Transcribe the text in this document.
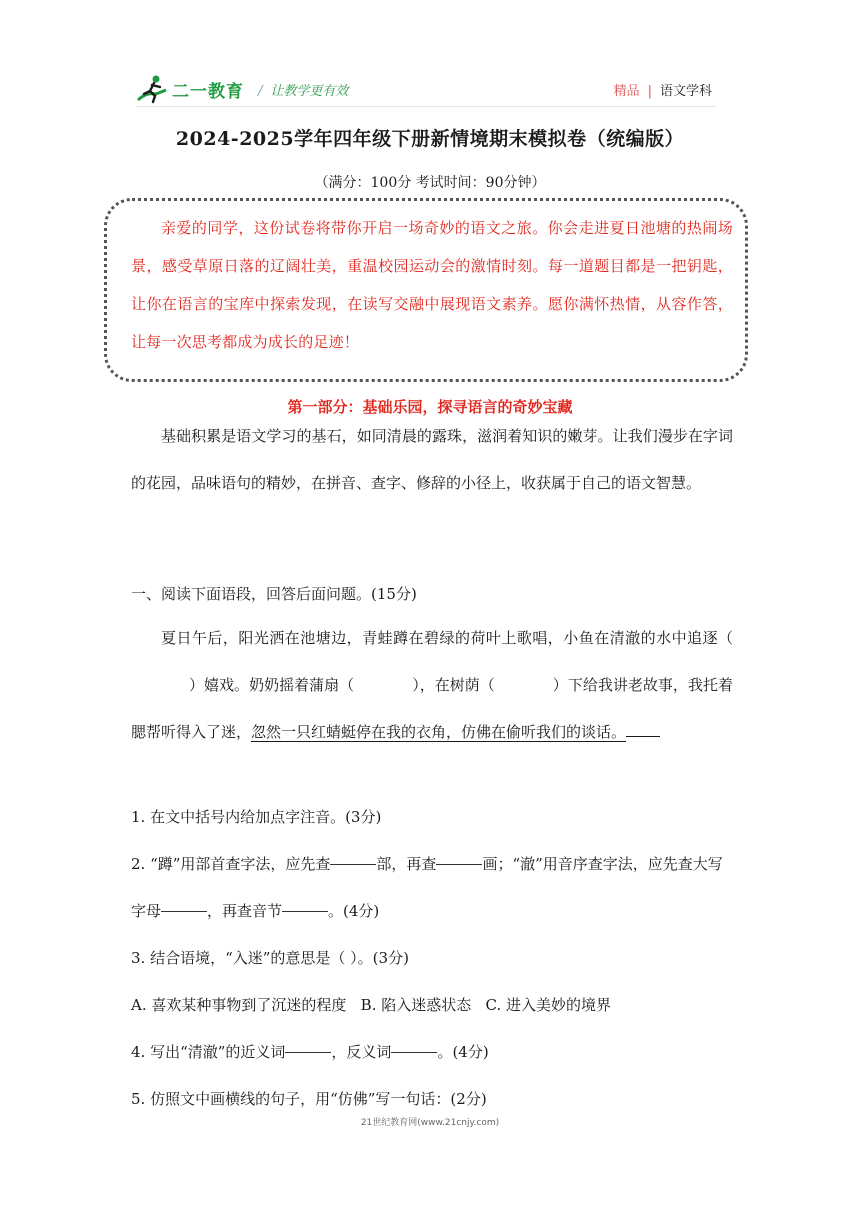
二一教育 / 让教学更有效	精品 | 语文学科
2024-2025学年四年级下册新情境期末模拟卷（统编版）
（满分：100分 考试时间：90分钟）

亲爱的同学，这份试卷将带你开启一场奇妙的语文之旅。你会走进夏日池塘的热闹场景，感受草原日落的辽阔壮美，重温校园运动会的激情时刻。每一道题目都是一把钥匙，让你在语言的宝库中探索发现，在读写交融中展现语文素养。愿你满怀热情，从容作答，让每一次思考都成为成长的足迹！

第一部分：基础乐园，探寻语言的奇妙宝藏

基础积累是语文学习的基石，如同清晨的露珠，滋润着知识的嫩芽。让我们漫步在字词的花园，品味语句的精妙，在拼音、查字、修辞的小径上，收获属于自己的语文智慧。

一、阅读下面语段，回答后面问题。(15分)

夏日午后，阳光洒在池塘边，青蛙蹲在碧绿的荷叶上歌唱，小鱼在清澈的水中追逐（）嬉戏。奶奶摇着蒲扇（	），在树荫（	）下给我讲老故事，我托着腮帮听得入了迷，忽然一只红蜻蜓停在我的衣角，仿佛在偷听我们的谈话。

1. 在文中括号内给加点字注音。(3分)
2. “蹲”用部首查字法，应先查	部，再查	画；“澈”用音序查字法，应先查大写字母	，再查音节	。(4分)
3. 结合语境，“入迷”的意思是（ ）。(3分)
A. 喜欢某种事物到了沉迷的程度   B. 陷入迷惑状态   C. 进入美妙的境界
4. 写出“清澈”的近义词	，反义词	。(4分)
5. 仿照文中画横线的句子，用“仿佛”写一句话：(2分)
21世纪教育网(www.21cnjy.com)
